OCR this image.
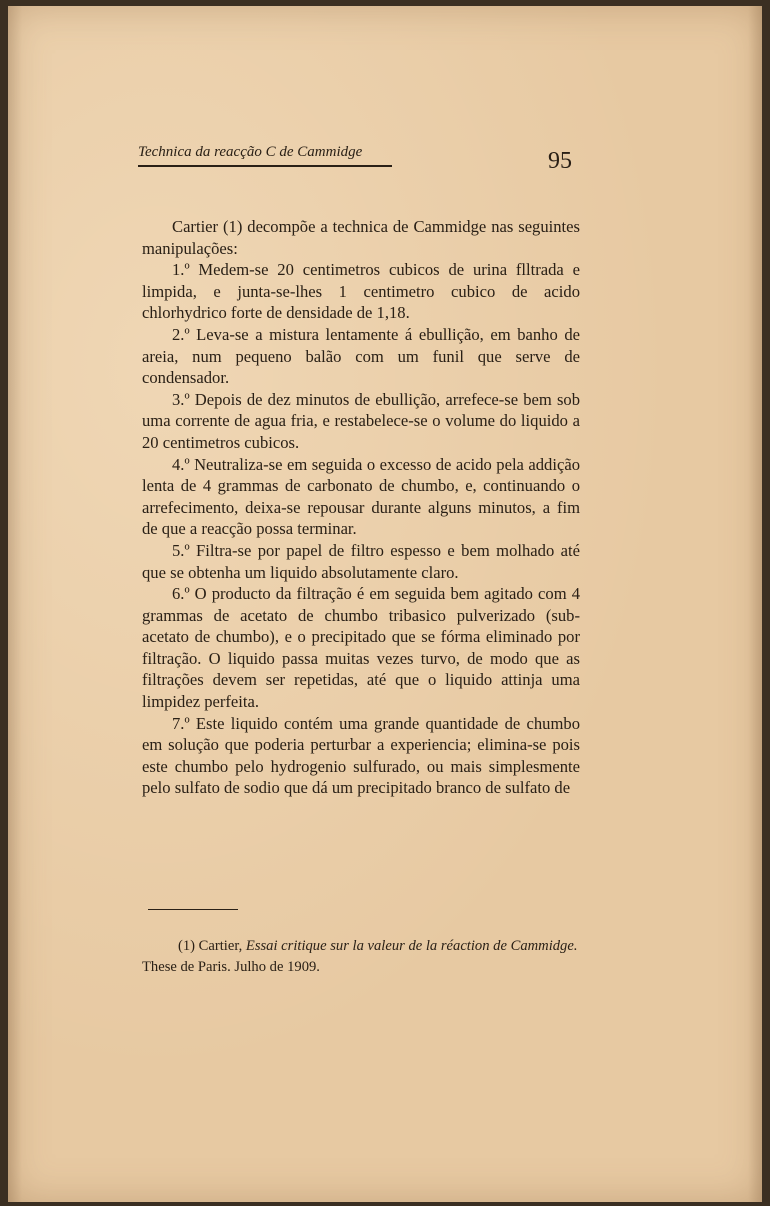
Technica da reacção C de Cammidge	95

Cartier (1) decompõe a technica de Cammidge nas seguintes manipulações:

1.º Medem-se 20 centimetros cubicos de urina flltrada e limpida, e junta-se-lhes 1 centimetro cubico de acido chlorhydrico forte de densidade de 1,18.

2.º Leva-se a mistura lentamente á ebullição, em banho de areia, num pequeno balão com um funil que serve de condensador.

3.º Depois de dez minutos de ebullição, arrefece-se bem sob uma corrente de agua fria, e restabelece-se o volume do liquido a 20 centimetros cubicos.

4.º Neutraliza-se em seguida o excesso de acido pela addição lenta de 4 grammas de carbonato de chumbo, e, continuando o arrefecimento, deixa-se repousar durante alguns minutos, a fim de que a reacção possa terminar.

5.º Filtra-se por papel de filtro espesso e bem molhado até que se obtenha um liquido absolutamente claro.

6.º O producto da filtração é em seguida bem agitado com 4 grammas de acetato de chumbo tribasico pulverizado (sub-acetato de chumbo), e o precipitado que se fórma eliminado por filtração. O liquido passa muitas vezes turvo, de modo que as filtrações devem ser repetidas, até que o liquido attinja uma limpidez perfeita.

7.º Este liquido contém uma grande quantidade de chumbo em solução que poderia perturbar a experiencia; elimina-se pois este chumbo pelo hydrogenio sulfurado, ou mais simplesmente pelo sulfato de sodio que dá um precipitado branco de sulfato de

(1) Cartier, Essai critique sur la valeur de la réaction de Cammidge. These de Paris. Julho de 1909.
